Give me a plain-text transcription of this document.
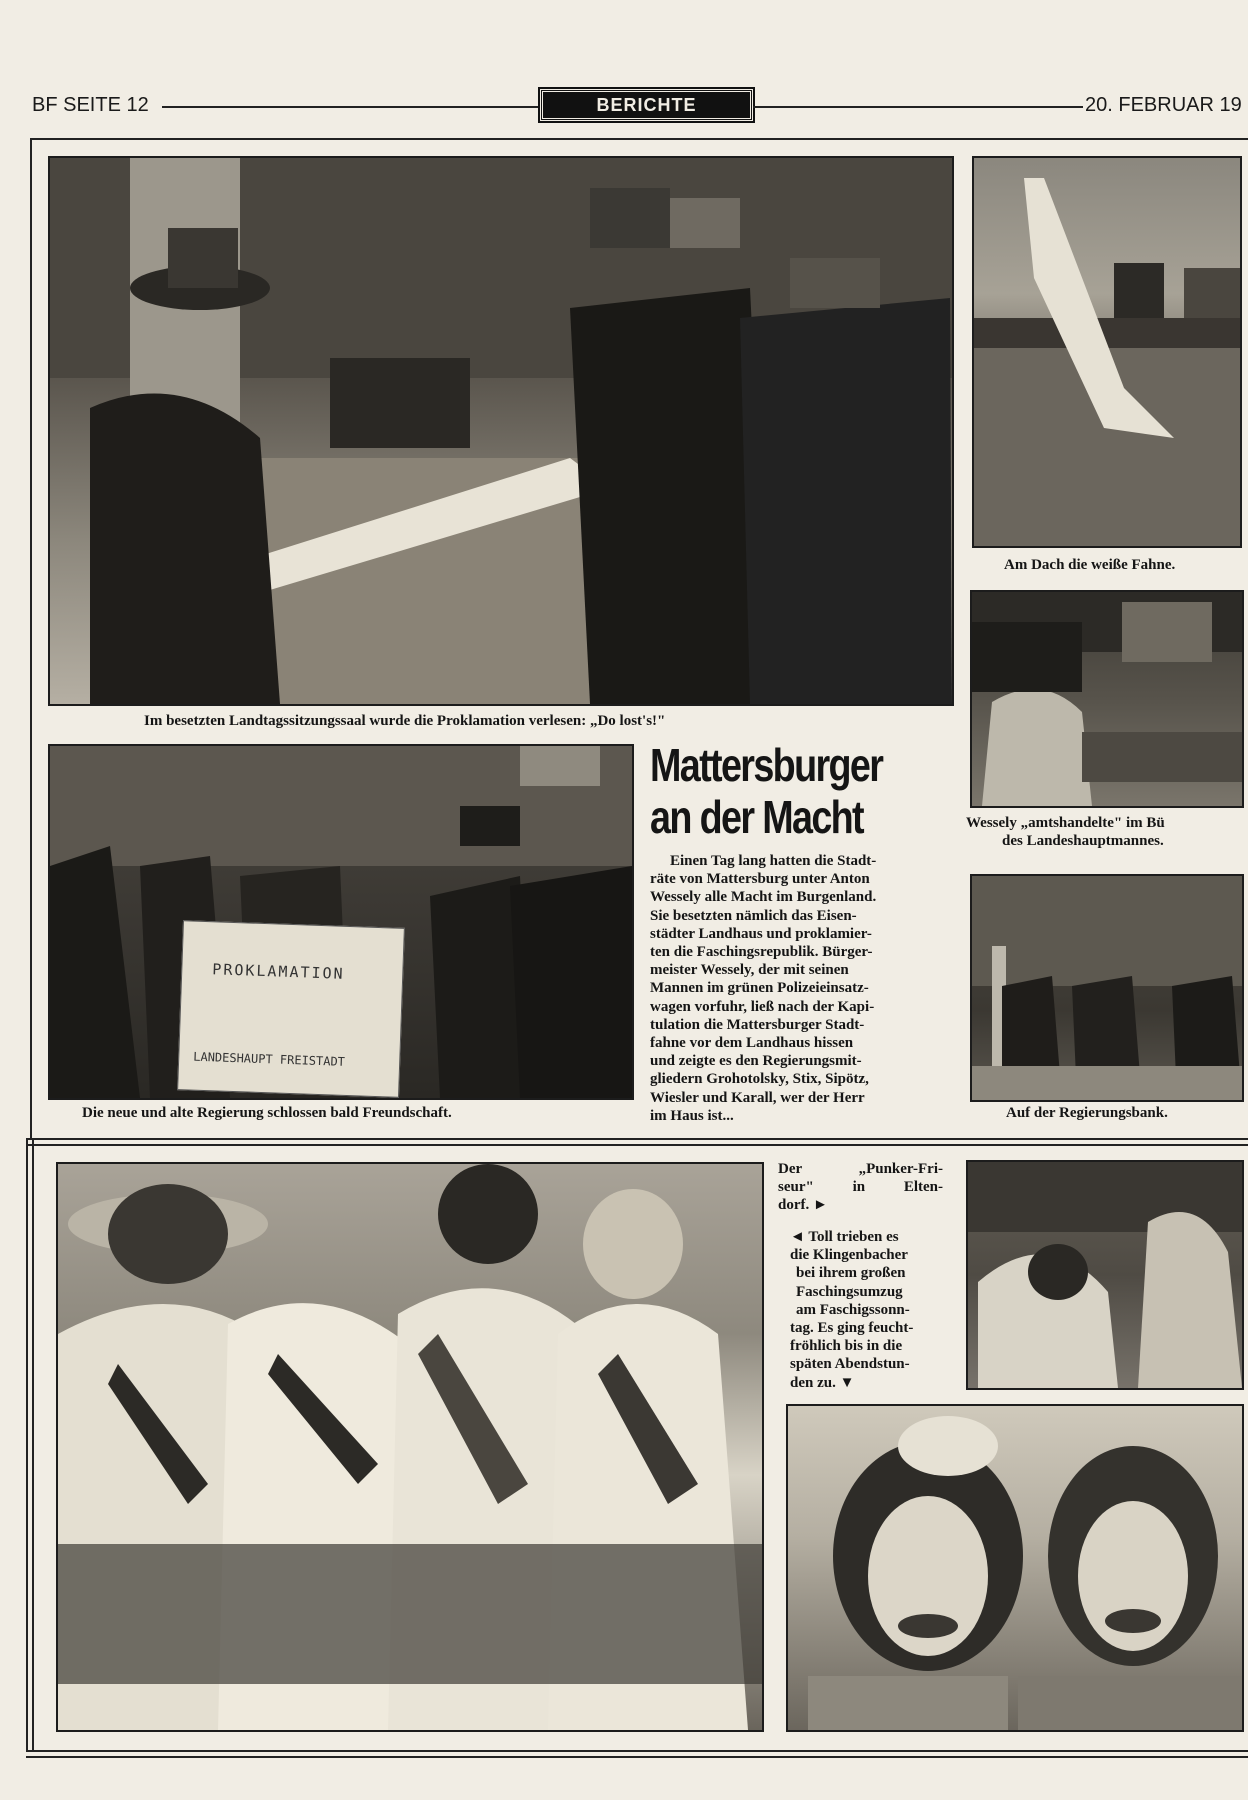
BF SEITE 12	BERICHTE	20. FEBRUAR 19
Im besetzten Landtagssitzungssaal wurde die Proklamation verlesen: „Do lost's!"
Am Dach die weiße Fahne.
Wessely „amtshandelte" im Bü
des Landeshauptmannes.
PROKLAMATION
LANDESHAUPT FREISTADT
Die neue und alte Regierung schlossen bald Freundschaft.
Mattersburger
an der Macht
Einen Tag lang hatten die Stadt-
räte von Mattersburg unter Anton
Wessely alle Macht im Burgenland.
Sie besetzten nämlich das Eisen-
städter Landhaus und proklamier-
ten die Faschingsrepublik. Bürger-
meister Wessely, der mit seinen
Mannen im grünen Polizeieinsatz-
wagen vorfuhr, ließ nach der Kapi-
tulation die Mattersburger Stadt-
fahne vor dem Landhaus hissen
und zeigte es den Regierungsmit-
gliedern Grohotolsky, Stix, Sipötz,
Wiesler und Karall, wer der Herr
im Haus ist...	Auf der Regierungsbank.
Der „Punker-Fri-
seur" in Elten-
dorf. ►
◄ Toll trieben es
die Klingenbacher
bei ihrem großen
Faschingsumzug
am Faschigssonn-
tag. Es ging feucht-
fröhlich bis in die
späten Abendstun-
den zu. ▼
